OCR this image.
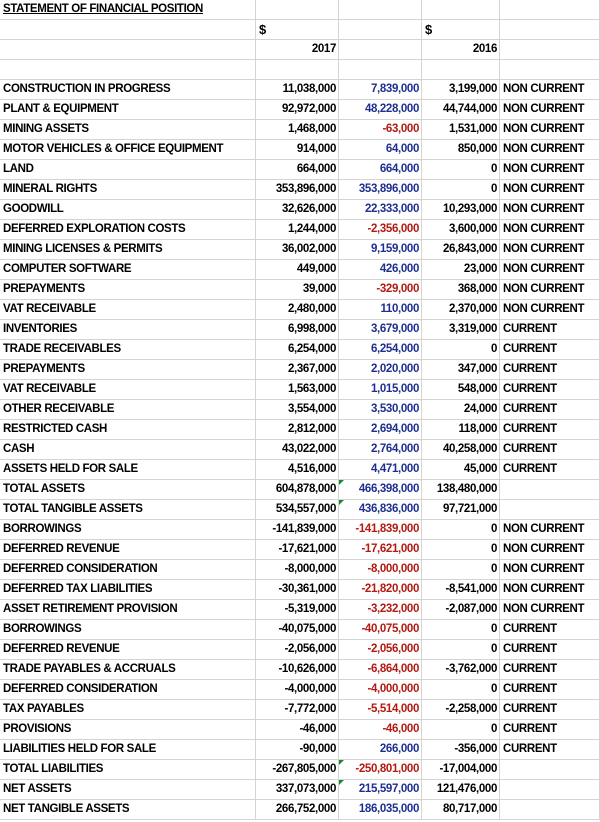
STATEMENT OF FINANCIAL POSITION
$	$
2017	2016
CONSTRUCTION IN PROGRESS	11,038,000	7,839,000	3,199,000 NON CURRENT
PLANT & EQUIPMENT	92,972,000	48,228,000	44,744,000 NON CURRENT
MINING ASSETS	1,468,000	-63,000	1,531,000 NON CURRENT
MOTOR VEHICLES & OFFICE EQUIPMENT	914,000	64,000	850,000 NON CURRENT
LAND	664,000	664,000	0 NON CURRENT
MINERAL RIGHTS	353,896,000	353,896,000	0 NON CURRENT
GOODWILL	32,626,000	22,333,000	10,293,000 NON CURRENT
DEFERRED EXPLORATION COSTS	1,244,000	-2,356,000	3,600,000 NON CURRENT
MINING LICENSES & PERMITS	36,002,000	9,159,000	26,843,000 NON CURRENT
COMPUTER SOFTWARE	449,000	426,000	23,000 NON CURRENT
PREPAYMENTS	39,000	-329,000	368,000 NON CURRENT
VAT RECEIVABLE	2,480,000	110,000	2,370,000 NON CURRENT
INVENTORIES	6,998,000	3,679,000	3,319,000 CURRENT
TRADE RECEIVABLES	6,254,000	6,254,000	0 CURRENT
PREPAYMENTS	2,367,000	2,020,000	347,000 CURRENT
VAT RECEIVABLE	1,563,000	1,015,000	548,000 CURRENT
OTHER RECEIVABLE	3,554,000	3,530,000	24,000 CURRENT
RESTRICTED CASH	2,812,000	2,694,000	118,000 CURRENT
CASH	43,022,000	2,764,000	40,258,000 CURRENT
ASSETS HELD FOR SALE	4,516,000	4,471,000	45,000 CURRENT
TOTAL ASSETS	604,878,000	466,398,000	138,480,000
TOTAL TANGIBLE ASSETS	534,557,000	436,836,000	97,721,000
BORROWINGS	-141,839,000	-141,839,000	0 NON CURRENT
DEFERRED REVENUE	-17,621,000	-17,621,000	0 NON CURRENT
DEFERRED CONSIDERATION	-8,000,000	-8,000,000	0 NON CURRENT
DEFERRED TAX LIABILITIES	-30,361,000	-21,820,000	-8,541,000 NON CURRENT
ASSET RETIREMENT PROVISION	-5,319,000	-3,232,000	-2,087,000 NON CURRENT
BORROWINGS	-40,075,000	-40,075,000	0 CURRENT
DEFERRED REVENUE	-2,056,000	-2,056,000	0 CURRENT
TRADE PAYABLES & ACCRUALS	-10,626,000	-6,864,000	-3,762,000 CURRENT
DEFERRED CONSIDERATION	-4,000,000	-4,000,000	0 CURRENT
TAX PAYABLES	-7,772,000	-5,514,000	-2,258,000 CURRENT
PROVISIONS	-46,000	-46,000	0 CURRENT
LIABILITIES HELD FOR SALE	-90,000	266,000	-356,000 CURRENT
TOTAL LIABILITIES	-267,805,000	-250,801,000	-17,004,000
NET ASSETS	337,073,000	215,597,000	121,476,000
NET TANGIBLE ASSETS	266,752,000	186,035,000	80,717,000
